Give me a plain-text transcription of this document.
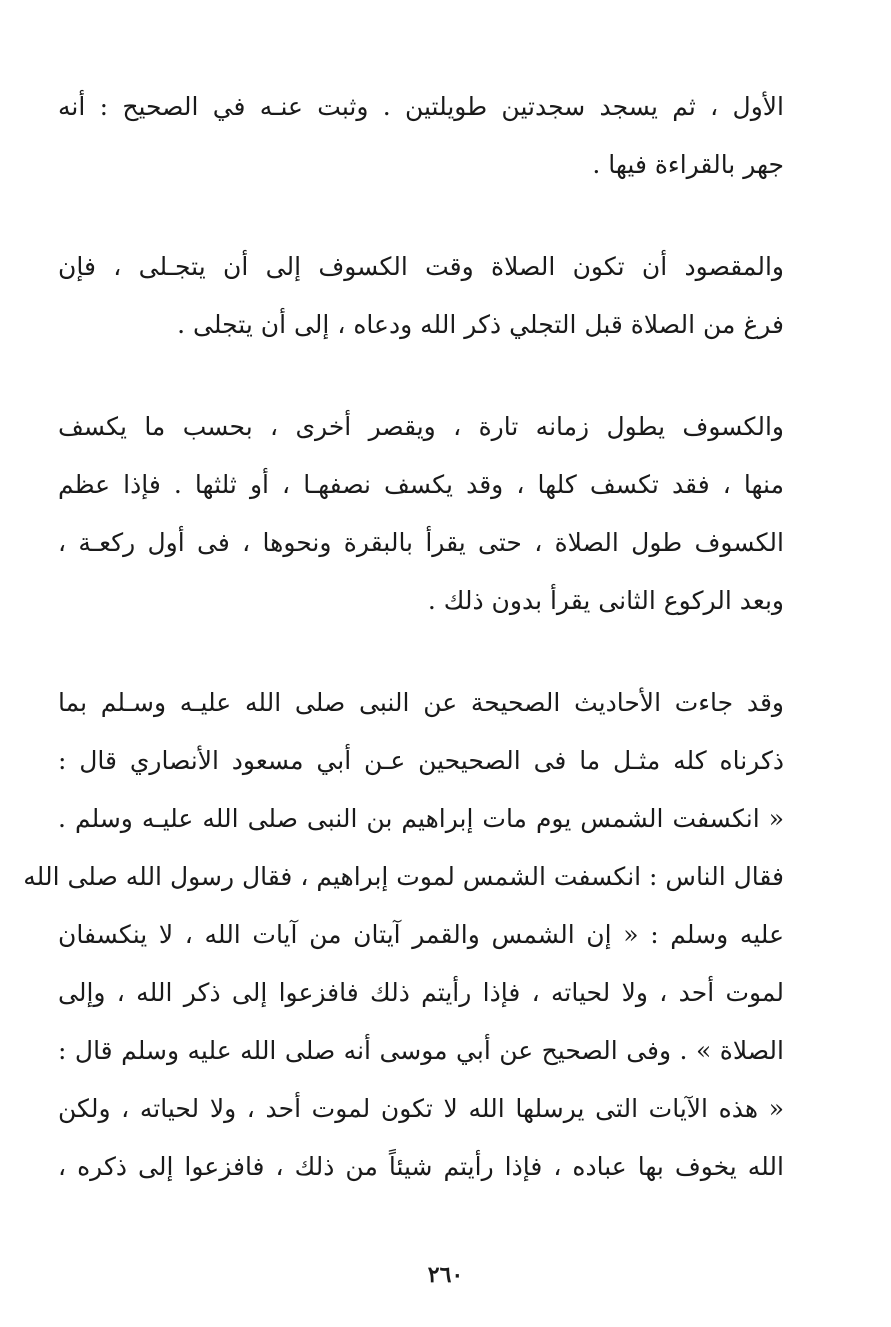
الأول ، ثم يسجد سجدتين طويلتين . وثبت عنـه في الصحيح : أنه
جهر بالقراءة فيها .
والمقصود أن تكون الصلاة وقت الكسوف إلى أن يتجـلى ، فإن
فرغ من الصلاة قبل التجلي ذكر الله ودعاه ، إلى أن يتجلى .
والكسوف يطول زمانه تارة ، ويقصر أخرى ، بحسب ما يكسف
منها ، فقد تكسف كلها ، وقد يكسف نصفهـا ، أو ثلثها . فإذا عظم
الكسوف طول الصلاة ، حتى يقرأ بالبقرة ونحوها ، فى أول ركعـة ،
وبعد الركوع الثانى يقرأ بدون ذلك .
وقد جاءت الأحاديث الصحيحة عن النبى صلى الله عليـه وسـلم بما
ذكرناه كله مثـل ما فى الصحيحين عـن أبي مسعود الأنصاري قال :
« انكسفت الشمس يوم مات إبراهيم بن النبى صلى الله عليـه وسلم .
فقال الناس : انكسفت الشمس لموت إبراهيم ، فقال رسول الله صلى الله
عليه وسلم : « إن الشمس والقمر آيتان من آيات الله ، لا ينكسفان
لموت أحد ، ولا لحياته ، فإذا رأيتم ذلك فافزعوا إلى ذكر الله ، وإلى
الصلاة » . وفى الصحيح عن أبي موسى أنه صلى الله عليه وسلم قال :
« هذه الآيات التى يرسلها الله لا تكون لموت أحد ، ولا لحياته ، ولكن
الله يخوف بها عباده ، فإذا رأيتم شيئاً من ذلك ، فافزعوا إلى ذكره ،
٢٦٠
